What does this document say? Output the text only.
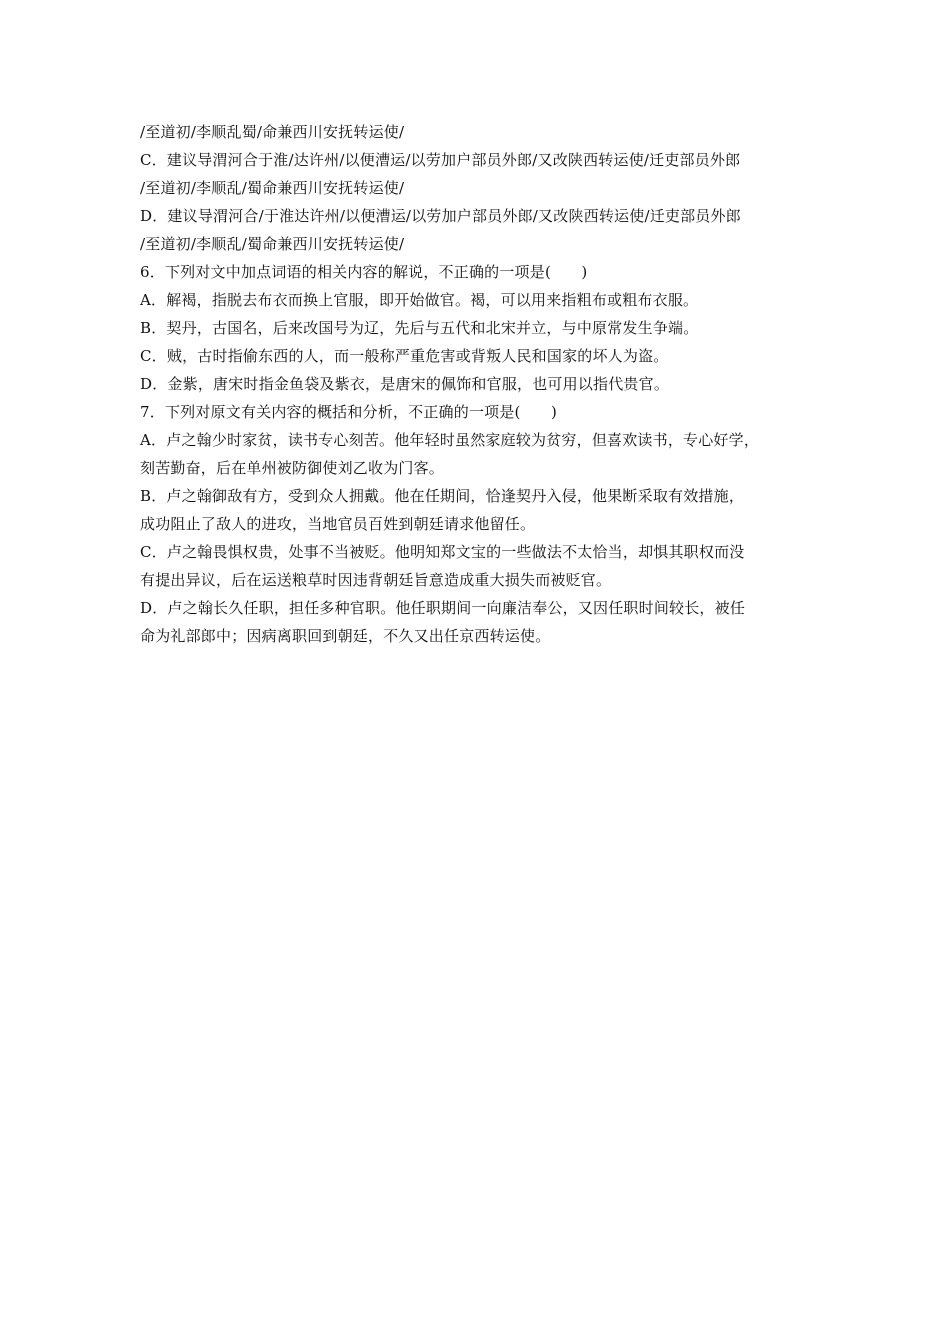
/至道初/李顺乱蜀/命兼西川安抚转运使/
C．建议导渭河合于淮/达许州/以便漕运/以劳加户部员外郎/又改陕西转运使/迁吏部员外郎
/至道初/李顺乱/蜀命兼西川安抚转运使/
D．建议导渭河合/于淮达许州/以便漕运/以劳加户部员外郎/又改陕西转运使/迁吏部员外郎
/至道初/李顺乱/蜀命兼西川安抚转运使/
6．下列对文中加点词语的相关内容的解说，不正确的一项是(　　)
A．解褐，指脱去布衣而换上官服，即开始做官。褐，可以用来指粗布或粗布衣服。
B．契丹，古国名，后来改国号为辽，先后与五代和北宋并立，与中原常发生争端。
C．贼，古时指偷东西的人，而一般称严重危害或背叛人民和国家的坏人为盗。
D．金紫，唐宋时指金鱼袋及紫衣，是唐宋的佩饰和官服，也可用以指代贵官。
7．下列对原文有关内容的概括和分析，不正确的一项是(　　)
A．卢之翰少时家贫，读书专心刻苦。他年轻时虽然家庭较为贫穷，但喜欢读书，专心好学，
刻苦勤奋，后在单州被防御使刘乙收为门客。
B．卢之翰御敌有方，受到众人拥戴。他在任期间，恰逢契丹入侵，他果断采取有效措施，
成功阻止了敌人的进攻，当地官员百姓到朝廷请求他留任。
C．卢之翰畏惧权贵，处事不当被贬。他明知郑文宝的一些做法不太恰当，却惧其职权而没
有提出异议，后在运送粮草时因违背朝廷旨意造成重大损失而被贬官。
D．卢之翰长久任职，担任多种官职。他任职期间一向廉洁奉公，又因任职时间较长，被任
命为礼部郎中；因病离职回到朝廷，不久又出任京西转运使。
